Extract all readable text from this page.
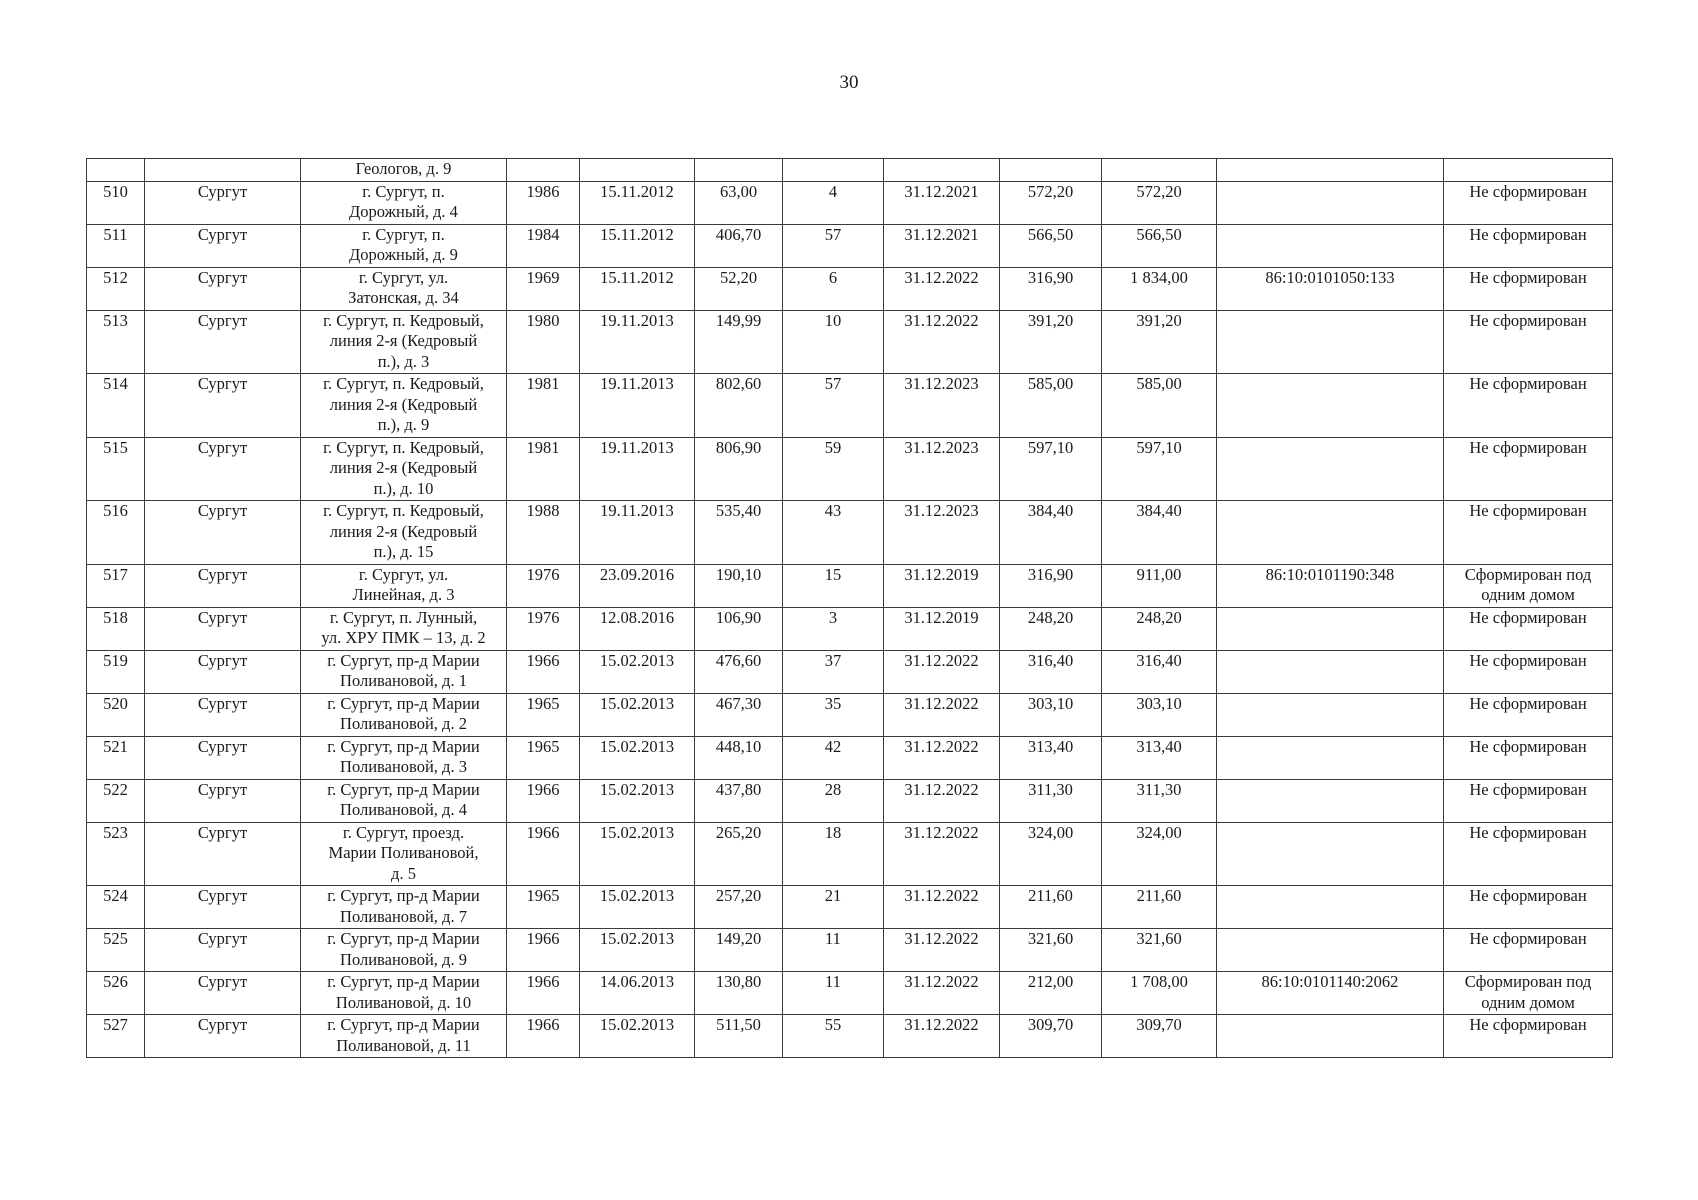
30
		Геологов, д. 9									
510	Сургут	г. Сургут, п.
Дорожный, д. 4	1986	15.11.2012	63,00	4	31.12.2021	572,20	572,20		Не сформирован
511	Сургут	г. Сургут, п.
Дорожный, д. 9	1984	15.11.2012	406,70	57	31.12.2021	566,50	566,50		Не сформирован
512	Сургут	г. Сургут, ул.
Затонская, д. 34	1969	15.11.2012	52,20	6	31.12.2022	316,90	1 834,00	86:10:0101050:133	Не сформирован
513	Сургут	г. Сургут, п. Кедровый,
линия 2-я (Кедровый
п.), д. 3	1980	19.11.2013	149,99	10	31.12.2022	391,20	391,20		Не сформирован
514	Сургут	г. Сургут, п. Кедровый,
линия 2-я (Кедровый
п.), д. 9	1981	19.11.2013	802,60	57	31.12.2023	585,00	585,00		Не сформирован
515	Сургут	г. Сургут, п. Кедровый,
линия 2-я (Кедровый
п.), д. 10	1981	19.11.2013	806,90	59	31.12.2023	597,10	597,10		Не сформирован
516	Сургут	г. Сургут, п. Кедровый,
линия 2-я (Кедровый
п.), д. 15	1988	19.11.2013	535,40	43	31.12.2023	384,40	384,40		Не сформирован
517	Сургут	г. Сургут, ул.
Линейная, д. 3	1976	23.09.2016	190,10	15	31.12.2019	316,90	911,00	86:10:0101190:348	Сформирован под
одним домом
518	Сургут	г. Сургут, п. Лунный,
ул. ХРУ ПМК – 13, д. 2	1976	12.08.2016	106,90	3	31.12.2019	248,20	248,20		Не сформирован
519	Сургут	г. Сургут, пр-д Марии
Поливановой, д. 1	1966	15.02.2013	476,60	37	31.12.2022	316,40	316,40		Не сформирован
520	Сургут	г. Сургут, пр-д Марии
Поливановой, д. 2	1965	15.02.2013	467,30	35	31.12.2022	303,10	303,10		Не сформирован
521	Сургут	г. Сургут, пр-д Марии
Поливановой, д. 3	1965	15.02.2013	448,10	42	31.12.2022	313,40	313,40		Не сформирован
522	Сургут	г. Сургут, пр-д Марии
Поливановой, д. 4	1966	15.02.2013	437,80	28	31.12.2022	311,30	311,30		Не сформирован
523	Сургут	г. Сургут, проезд.
Марии Поливановой,
д. 5	1966	15.02.2013	265,20	18	31.12.2022	324,00	324,00		Не сформирован
524	Сургут	г. Сургут, пр-д Марии
Поливановой, д. 7	1965	15.02.2013	257,20	21	31.12.2022	211,60	211,60		Не сформирован
525	Сургут	г. Сургут, пр-д Марии
Поливановой, д. 9	1966	15.02.2013	149,20	11	31.12.2022	321,60	321,60		Не сформирован
526	Сургут	г. Сургут, пр-д Марии
Поливановой, д. 10	1966	14.06.2013	130,80	11	31.12.2022	212,00	1 708,00	86:10:0101140:2062	Сформирован под
одним домом
527	Сургут	г. Сургут, пр-д Марии
Поливановой, д. 11	1966	15.02.2013	511,50	55	31.12.2022	309,70	309,70		Не сформирован
